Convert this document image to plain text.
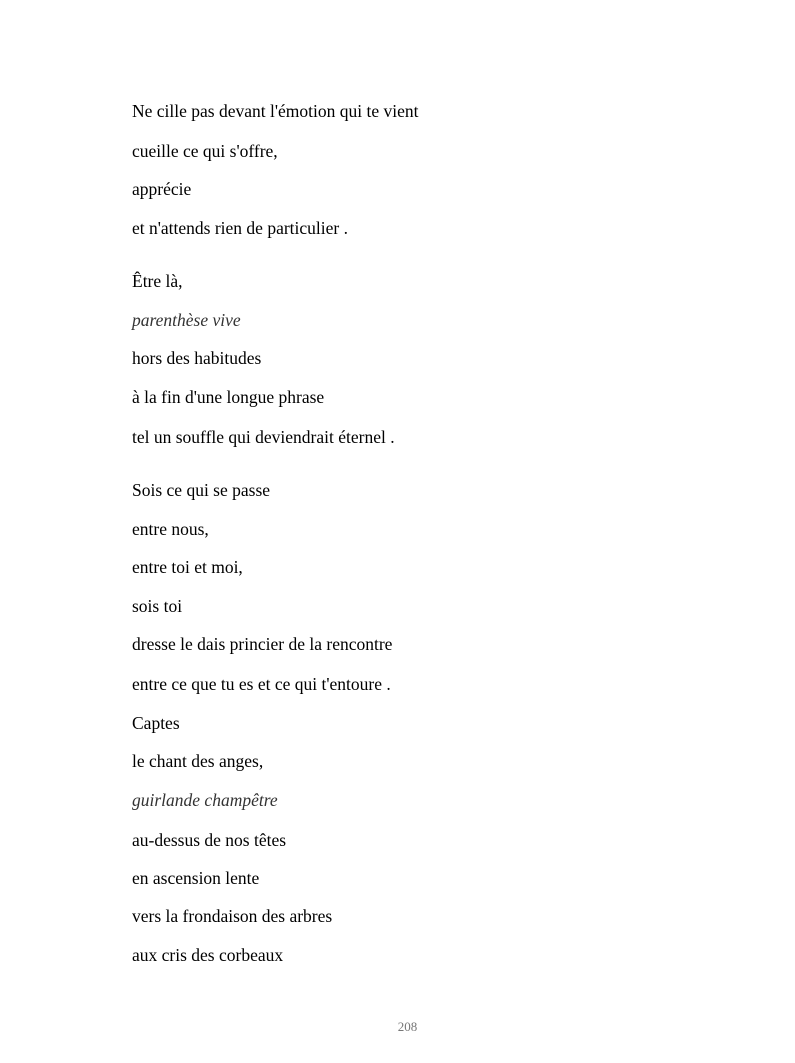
Ne cille pas devant l'émotion qui te vient

cueille ce qui s'offre,

apprécie

et n'attends rien de particulier .

Être là,

parenthèse vive

hors des habitudes

à la fin d'une longue phrase

tel un souffle qui deviendrait éternel .

Sois ce qui se passe

entre nous,

entre toi et moi,

sois toi

dresse le dais princier de la rencontre

entre ce que tu es et ce qui t'entoure .

Captes

le chant des anges,

guirlande champêtre

au-dessus de nos têtes

en ascension lente

vers la frondaison des arbres

aux cris des corbeaux

208
